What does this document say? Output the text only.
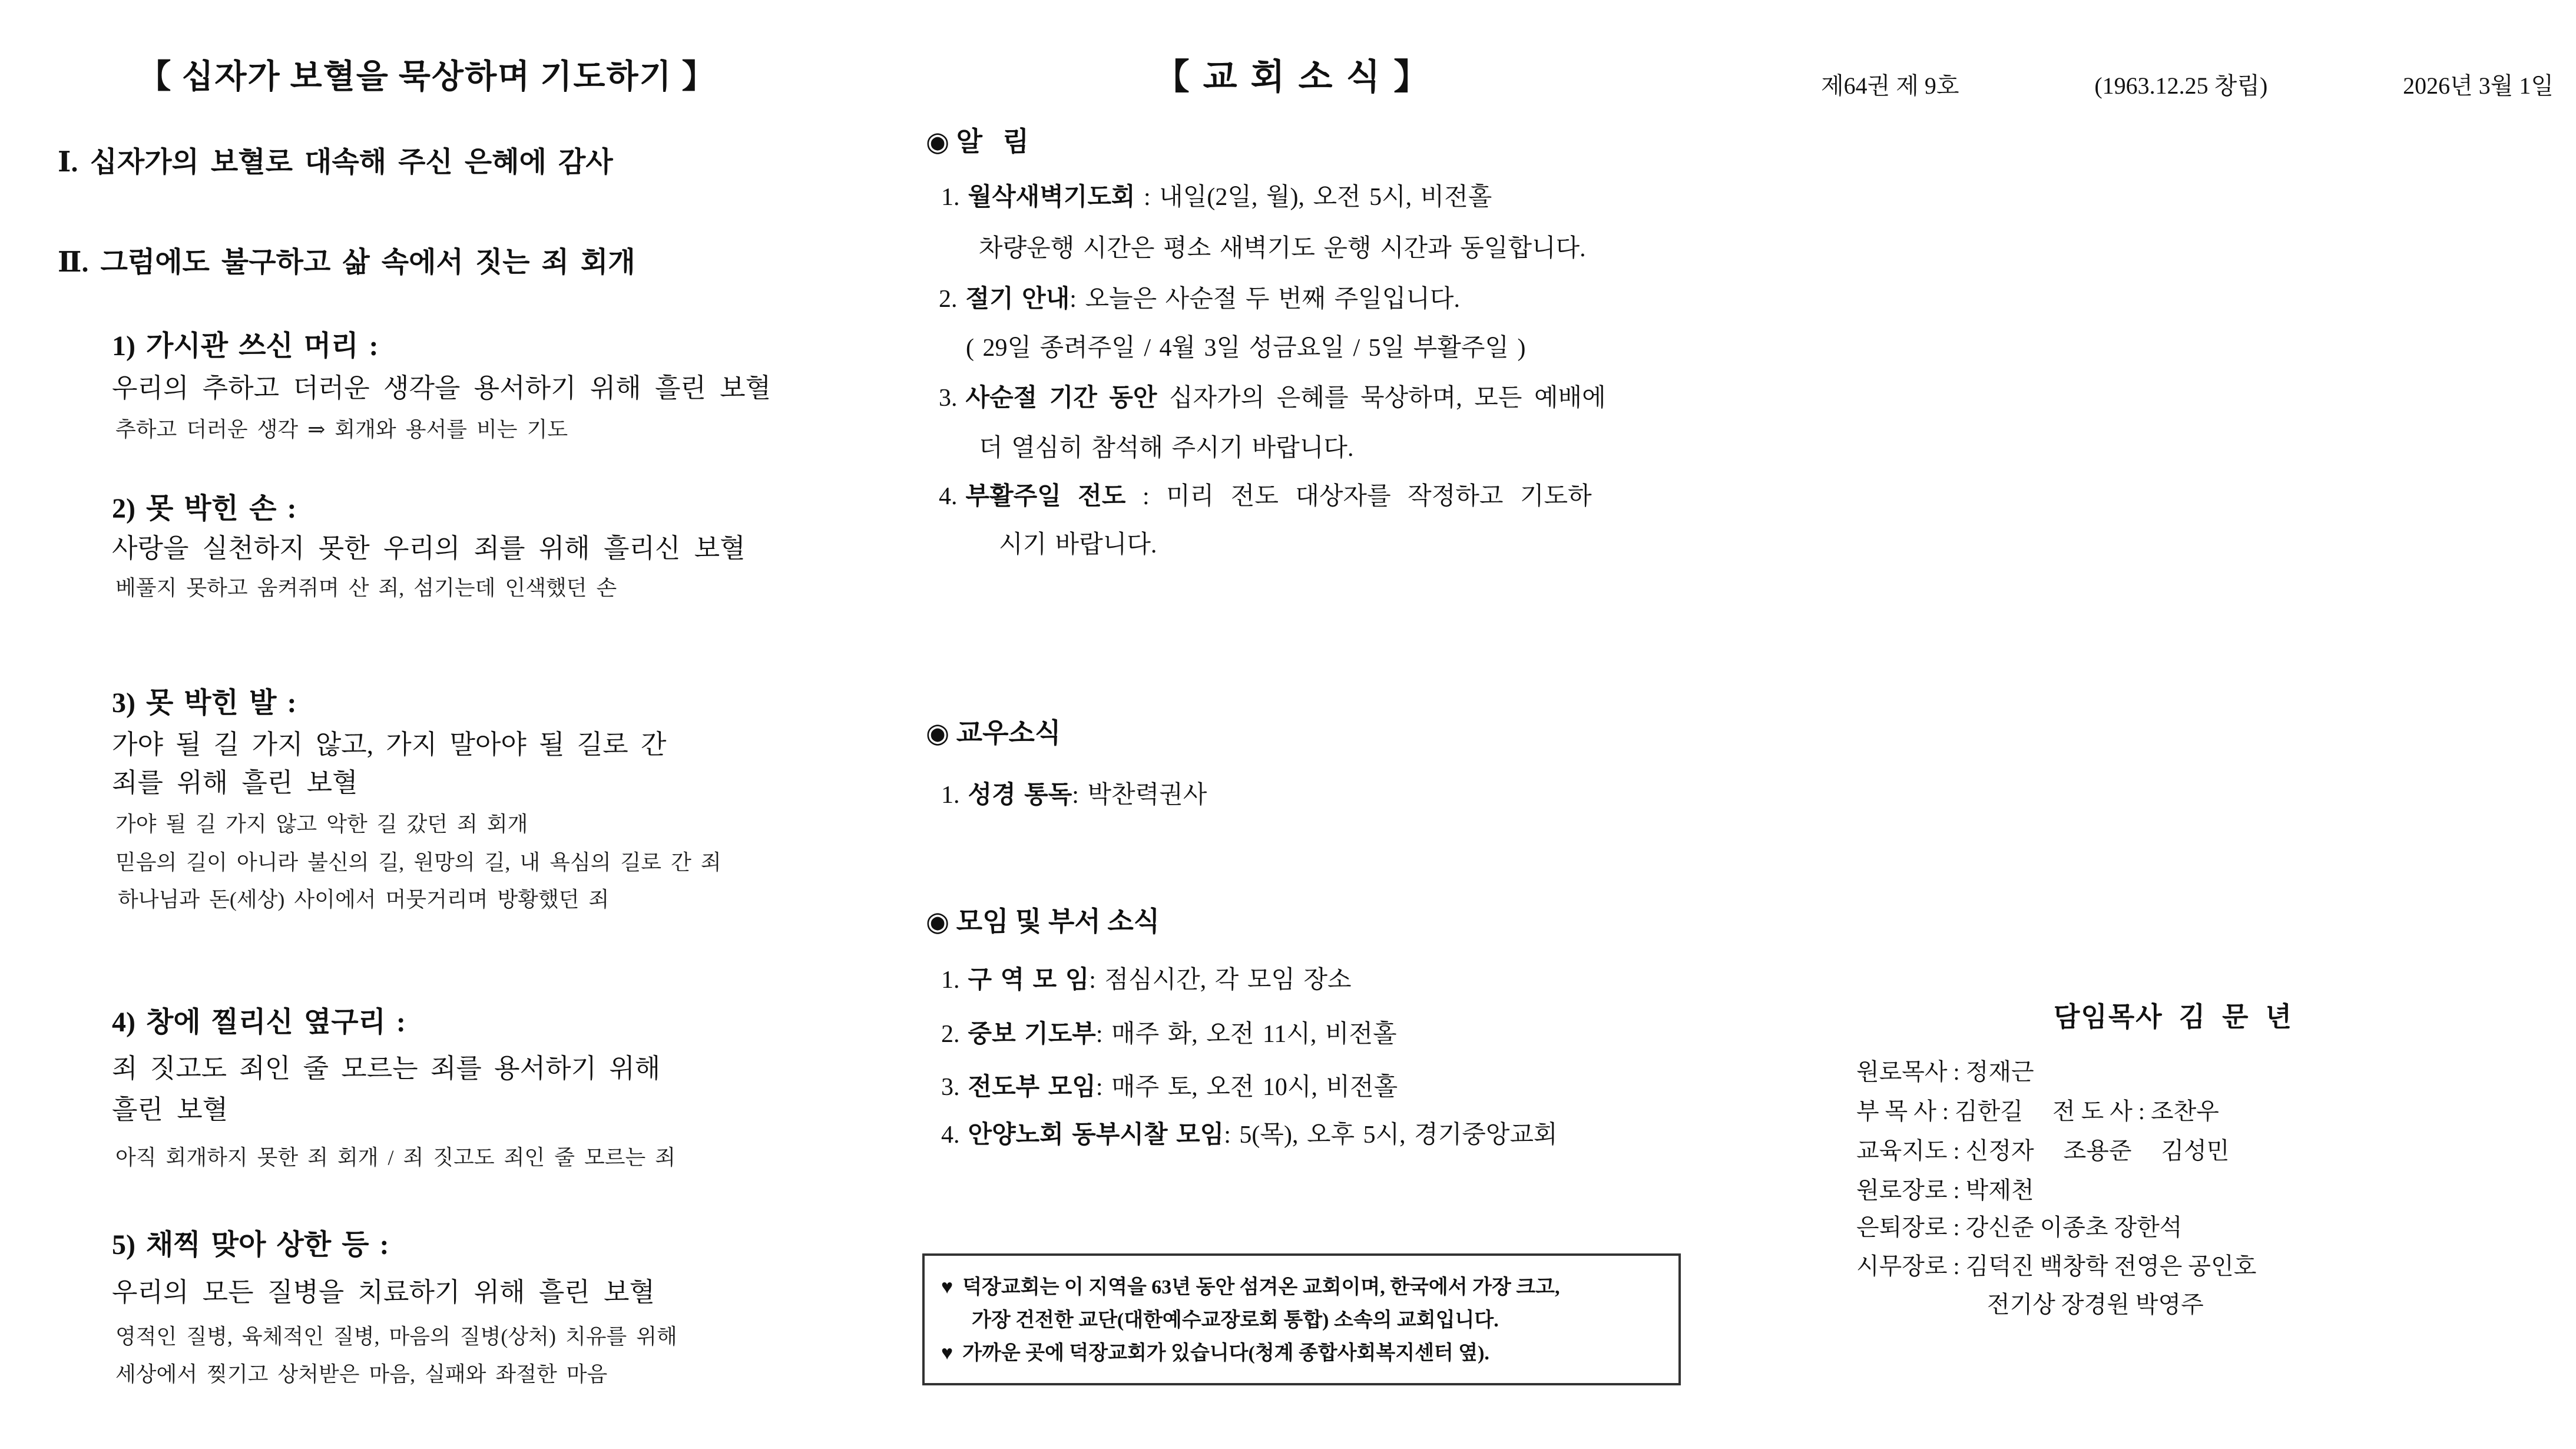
【 십자가 보혈을 묵상하며 기도하기 】
Ⅰ. 십자가의 보혈로 대속해 주신 은혜에 감사
Ⅱ. 그럼에도 불구하고 삶 속에서 짓는 죄 회개
1) 가시관 쓰신 머리 :
우리의 추하고 더러운 생각을 용서하기 위해 흘린 보혈
추하고 더러운 생각 ⇒ 회개와 용서를 비는 기도
2) 못 박힌 손 :
사랑을 실천하지 못한 우리의 죄를 위해 흘리신 보혈
베풀지 못하고 움켜쥐며 산 죄, 섬기는데 인색했던 손
3) 못 박힌 발 :
가야 될 길 가지 않고, 가지 말아야 될 길로 간
죄를 위해 흘린 보혈
가야 될 길 가지 않고 악한 길 갔던 죄 회개
믿음의 길이 아니라 불신의 길, 원망의 길, 내 욕심의 길로 간 죄
하나님과 돈(세상) 사이에서 머뭇거리며 방황했던 죄
4) 창에 찔리신 옆구리 :
죄 짓고도 죄인 줄 모르는 죄를 용서하기 위해
흘린 보혈
아직 회개하지 못한 죄 회개 / 죄 짓고도 죄인 줄 모르는 죄
5) 채찍 맞아 상한 등 :
우리의 모든 질병을 치료하기 위해 흘린 보혈
영적인 질병, 육체적인 질병, 마음의 질병(상처) 치유를 위해
세상에서 찢기고 상처받은 마음, 실패와 좌절한 마음
제64권 제 9호	(1963.12.25 창립)	2026년 3월 1일
【 교 회 소 식 】
◉ 알   림
1. 월삭새벽기도회 : 내일(2일, 월), 오전 5시, 비전홀
차량운행 시간은 평소 새벽기도 운행 시간과 동일합니다.
2. 절기 안내: 오늘은 사순절 두 번째 주일입니다.
( 29일 종려주일 / 4월 3일 성금요일 / 5일 부활주일 )
3. 사순절 기간 동안 십자가의 은혜를 묵상하며, 모든 예배에
더 열심히 참석해 주시기 바랍니다.
4. 부활주일 전도 : 미리 전도 대상자를 작정하고 기도하
시기 바랍니다.
◉ 교우소식
1. 성경 통독: 박찬력권사
◉ 모임 및 부서 소식
1. 구 역 모 임: 점심시간, 각 모임 장소
2. 중보 기도부: 매주 화, 오전 11시, 비전홀
3. 전도부 모임: 매주 토, 오전 10시, 비전홀
4. 안양노회 동부시찰 모임: 5(목), 오후 5시, 경기중앙교회
♥ 덕장교회는 이 지역을 63년 동안 섬겨온 교회이며, 한국에서 가장 크고,
가장 건전한 교단(대한예수교장로회 통합) 소속의 교회입니다.
♥ 가까운 곳에 덕장교회가 있습니다(청계 종합사회복지센터 옆).
담임목사  김  문  년
원로목사 : 정재근
부 목 사 : 김한길     전 도 사 : 조찬우
교육지도 : 신정자     조용준     김성민
원로장로 : 박제천
은퇴장로 : 강신준 이종초 장한석
시무장로 : 김덕진 백창학 전영은 공인호
전기상 장경원 박영주
